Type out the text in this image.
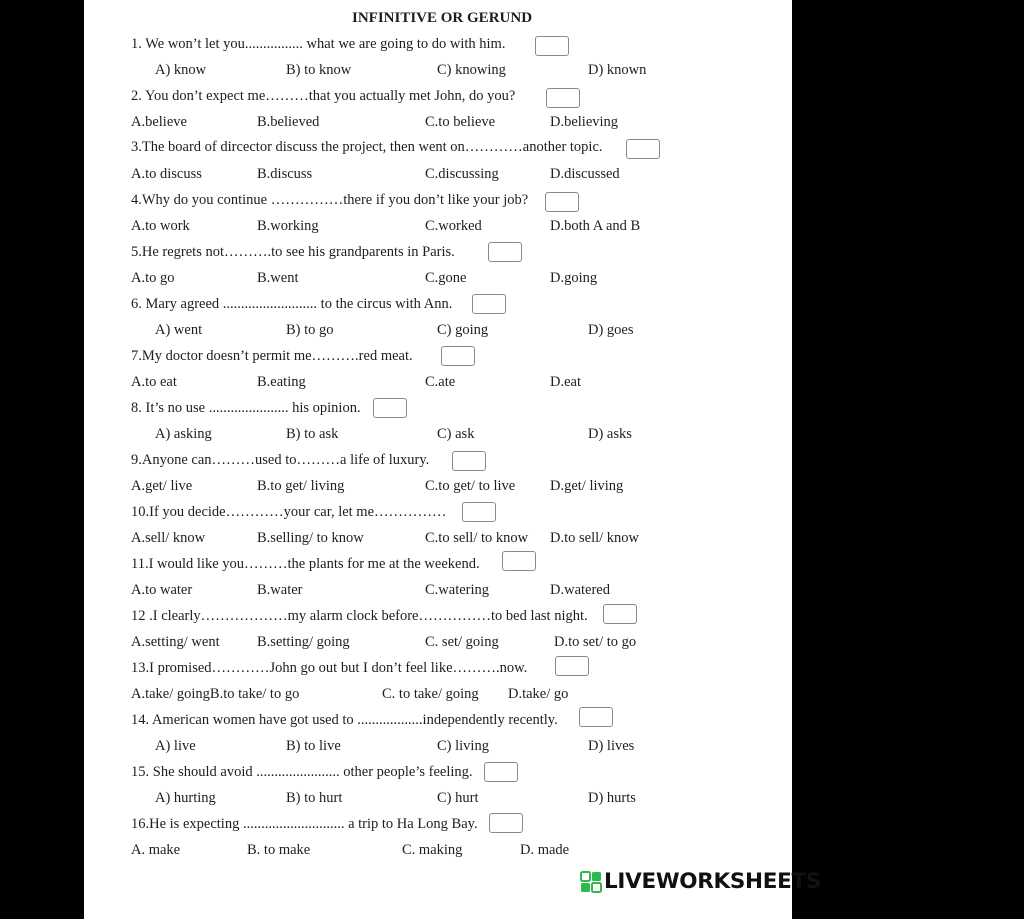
INFINITIVE OR GERUND
1. We won’t let you................ what we are going to do with him.
A) know	B) to know	C) knowing	D) known
2. You don’t expect me………that you actually met John, do you?
A.believe	B.believed	C.to believe	D.believing
3.The board of dircector discuss the project, then went on…………another topic.
A.to discuss	B.discuss	C.discussing	D.discussed
4.Why do you continue ……………there if you don’t like your job?
A.to work	B.working	C.worked	D.both A and B
5.He regrets not……….to see his grandparents in Paris.
A.to go	B.went	C.gone	D.going
6. Mary agreed .......................... to the circus with Ann.
A) went	B) to go	C) going	D) goes
7.My doctor doesn’t permit me……….red meat.
A.to eat	B.eating	C.ate	D.eat
8. It’s no use ...................... his opinion.
A) asking	B) to ask	C) ask	D) asks
9.Anyone can………used to………a life of luxury.
A.get/ live	B.to get/ living	C.to get/ to live D.get/ living
10.If you decide…………your car, let me……………
A.sell/ know	B.selling/ to know	C.to sell/ to know D.to sell/ know
11.I would like you………the plants for me at the weekend.
A.to water	B.water	C.watering	D.watered
12 .I clearly………………my alarm clock before……………to bed last night.
A.setting/ went	B.setting/ going	C. set/ going	D.to set/ to go
13.I promised…………John go out but I don’t feel like……….now.
A.take/ goingB.to take/ to go	C. to take/ going D.take/ go
14. American women have got used to ..................independently recently.
A) live	B) to live	C) living	D) lives
15. She should avoid ....................... other people’s feeling.
A) hurting	B) to hurt	C) hurt	D) hurts
16.He is expecting ............................ a trip to Ha Long Bay.
A. make	B. to make	C. making	D. made
LIVEWORKSHEETS
